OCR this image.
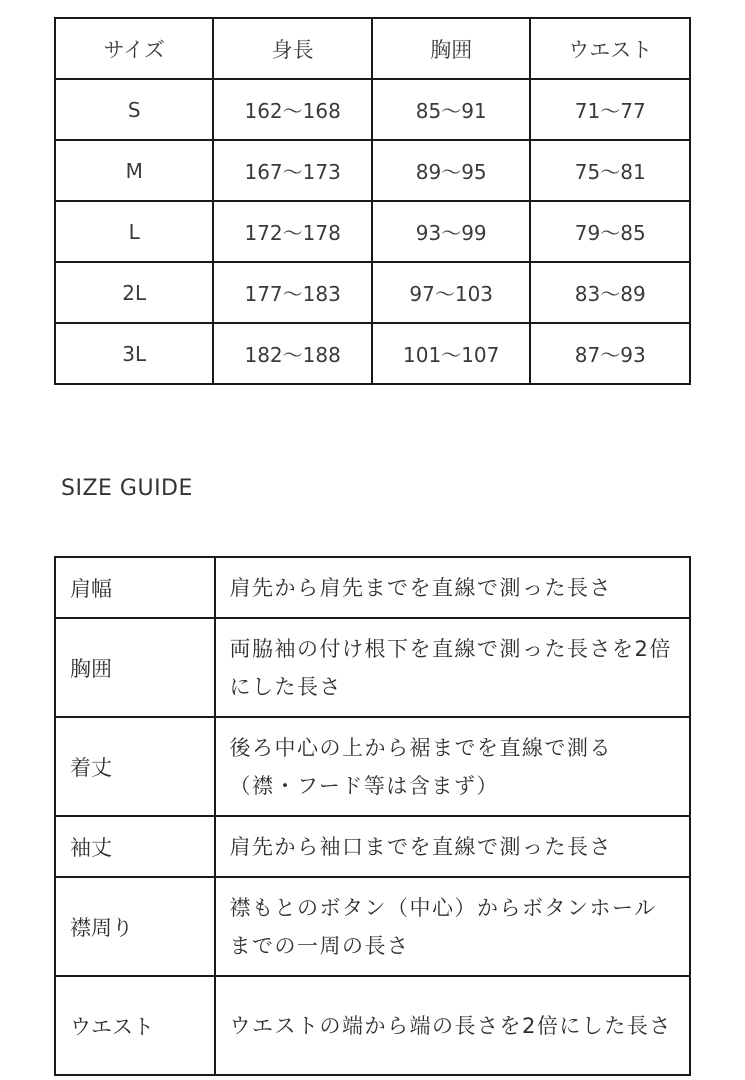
サイズ	身長	胸囲	ウエスト
S	162〜168	85〜91	71〜77
M	167〜173	89〜95	75〜81
L	172〜178	93〜99	79〜85
2L	177〜183	97〜103	83〜89
3L	182〜188	101〜107	87〜93
SIZE GUIDE
肩幅	肩先から肩先までを直線で測った長さ
胸囲	両脇袖の付け根下を直線で測った長さを2倍にした長さ
着丈	後ろ中心の上から裾までを直線で測る（襟・フード等は含まず）
袖丈	肩先から袖口までを直線で測った長さ
襟周り	襟もとのボタン（中心）からボタンホールまでの一周の長さ
ウエスト	ウエストの端から端の長さを2倍にした長さ
